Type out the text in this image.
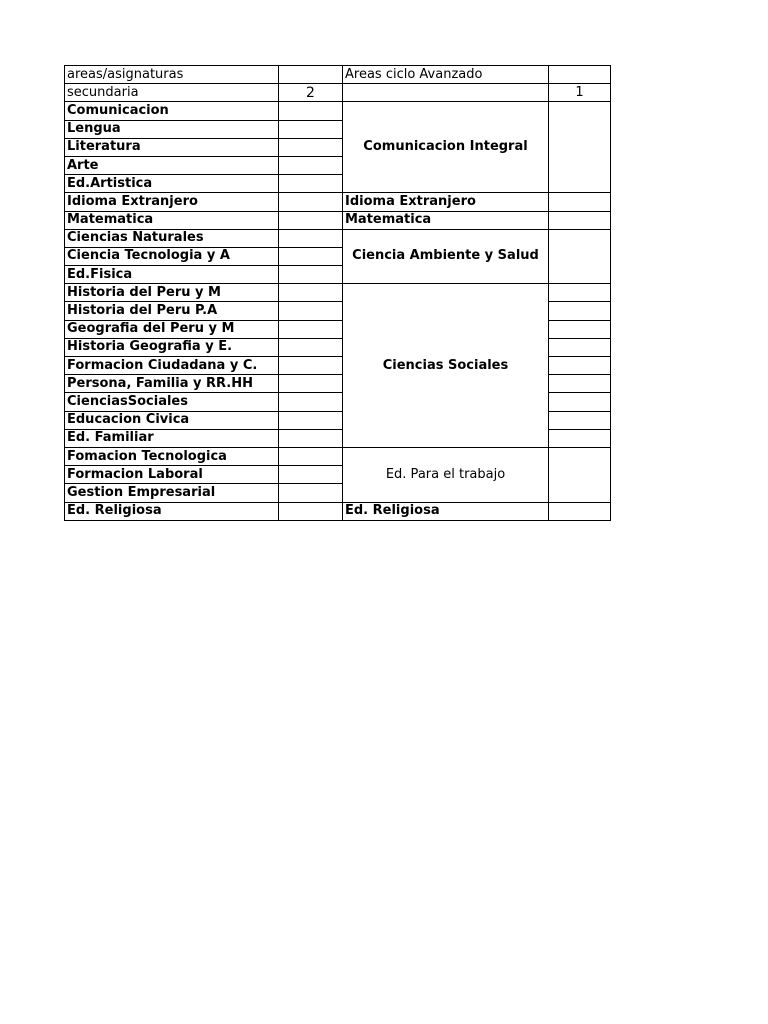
areas/asignaturas		Areas ciclo Avanzado	
secundaria	2		1
Comunicacion		Comunicacion Integral	
Lengua			
Literatura			
Arte			
Ed.Artistica			
Idioma Extranjero		Idioma Extranjero	
Matematica		Matematica	
Ciencias Naturales		Ciencia Ambiente y Salud	
Ciencia Tecnologia y A			
Ed.Fisica			
Historia del Peru y M		Ciencias Sociales	
Historia del Peru P.A			
Geografia del Peru y M			
Historia Geografia y E.			
Formacion Ciudadana y C.			
Persona, Familia y RR.HH			
CienciasSociales			
Educacion Civica			
Ed. Familiar			
Fomacion Tecnologica		Ed. Para el trabajo	
Formacion Laboral			
Gestion Empresarial			
Ed. Religiosa		Ed. Religiosa	
